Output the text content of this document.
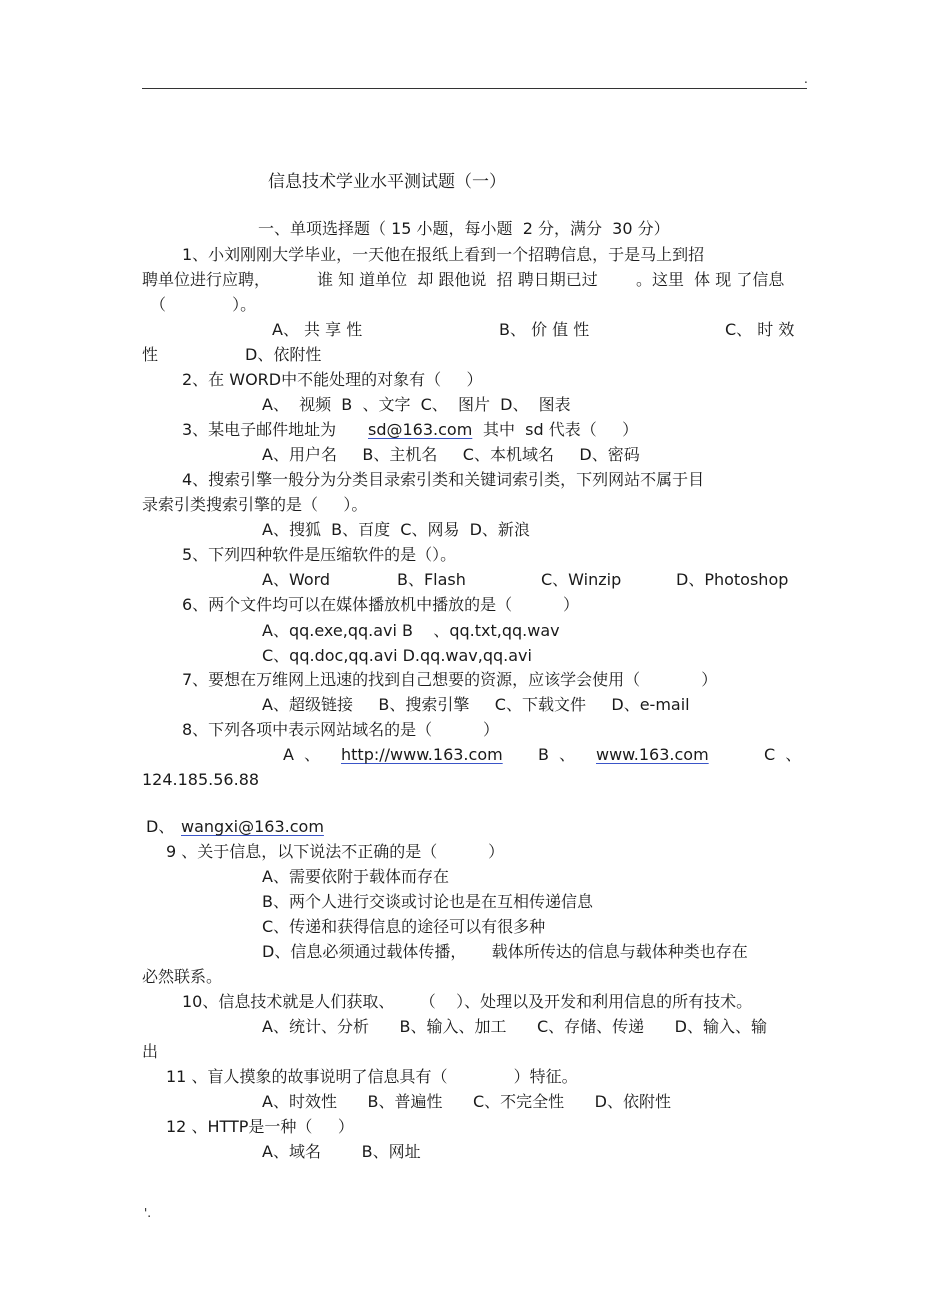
.
信息技术学业水平测试题（一）
一、单项选择题（ 15 小题，每小题  2 分，满分  30 分）
1、小刘刚刚大学毕业，一天他在报纸上看到一个招聘信息，于是马上到招
聘单位进行应聘，	谁 知 道单位  却 跟他说  招 聘日期已过 。这里  体 现 了信息
（             ）。
A、 共 享 性	B、 价 值 性	C、 时 效
性	D、依附性
2、在 WORD中不能处理的对象有（     ）
A、  视频  B  、文字  C、  图片  D、  图表
3、某电子邮件地址为 sd@163.com 其中  sd 代表（     ）
A、用户名     B、主机名     C、本机域名     D、密码
4、搜索引擎一般分为分类目录索引类和关键词索引类，下列网站不属于目
录索引类搜索引擎的是（     ）。
A、搜狐  B、百度  C、网易  D、新浪
5、下列四种软件是压缩软件的是（）。
A、Word	B、Flash	C、Winzip	D、Photoshop
6、两个文件均可以在媒体播放机中播放的是（          ）
A、qq.exe,qq.avi B    、qq.txt,qq.wav
C、qq.doc,qq.avi D.qq.wav,qq.avi
7、要想在万维网上迅速的找到自己想要的资源，应该学会使用（            ）
A、超级链接     B、搜索引擎     C、下载文件     D、e-mail
8、下列各项中表示网站域名的是（          ）
A  、 http://www.163.com B  、 www.163.com	C  、
124.185.56.88
D、 wangxi@163.com
9 、关于信息，以下说法不正确的是（          ）
A、需要依附于载体而存在
B、两个人进行交谈或讨论也是在互相传递信息
C、传递和获得信息的途径可以有很多种
D、信息必须通过载体传播，     载体所传达的信息与载体种类也存在
必然联系。
10、信息技术就是人们获取、     （    ）、处理以及开发和利用信息的所有技术。
A、统计、分析      B、输入、加工      C、存储、传递      D、输入、输
出
11 、盲人摸象的故事说明了信息具有（             ）特征。
A、时效性      B、普遍性      C、不完全性      D、依附性
12 、HTTP是一种（     ）
A、域名        B、网址
'.
